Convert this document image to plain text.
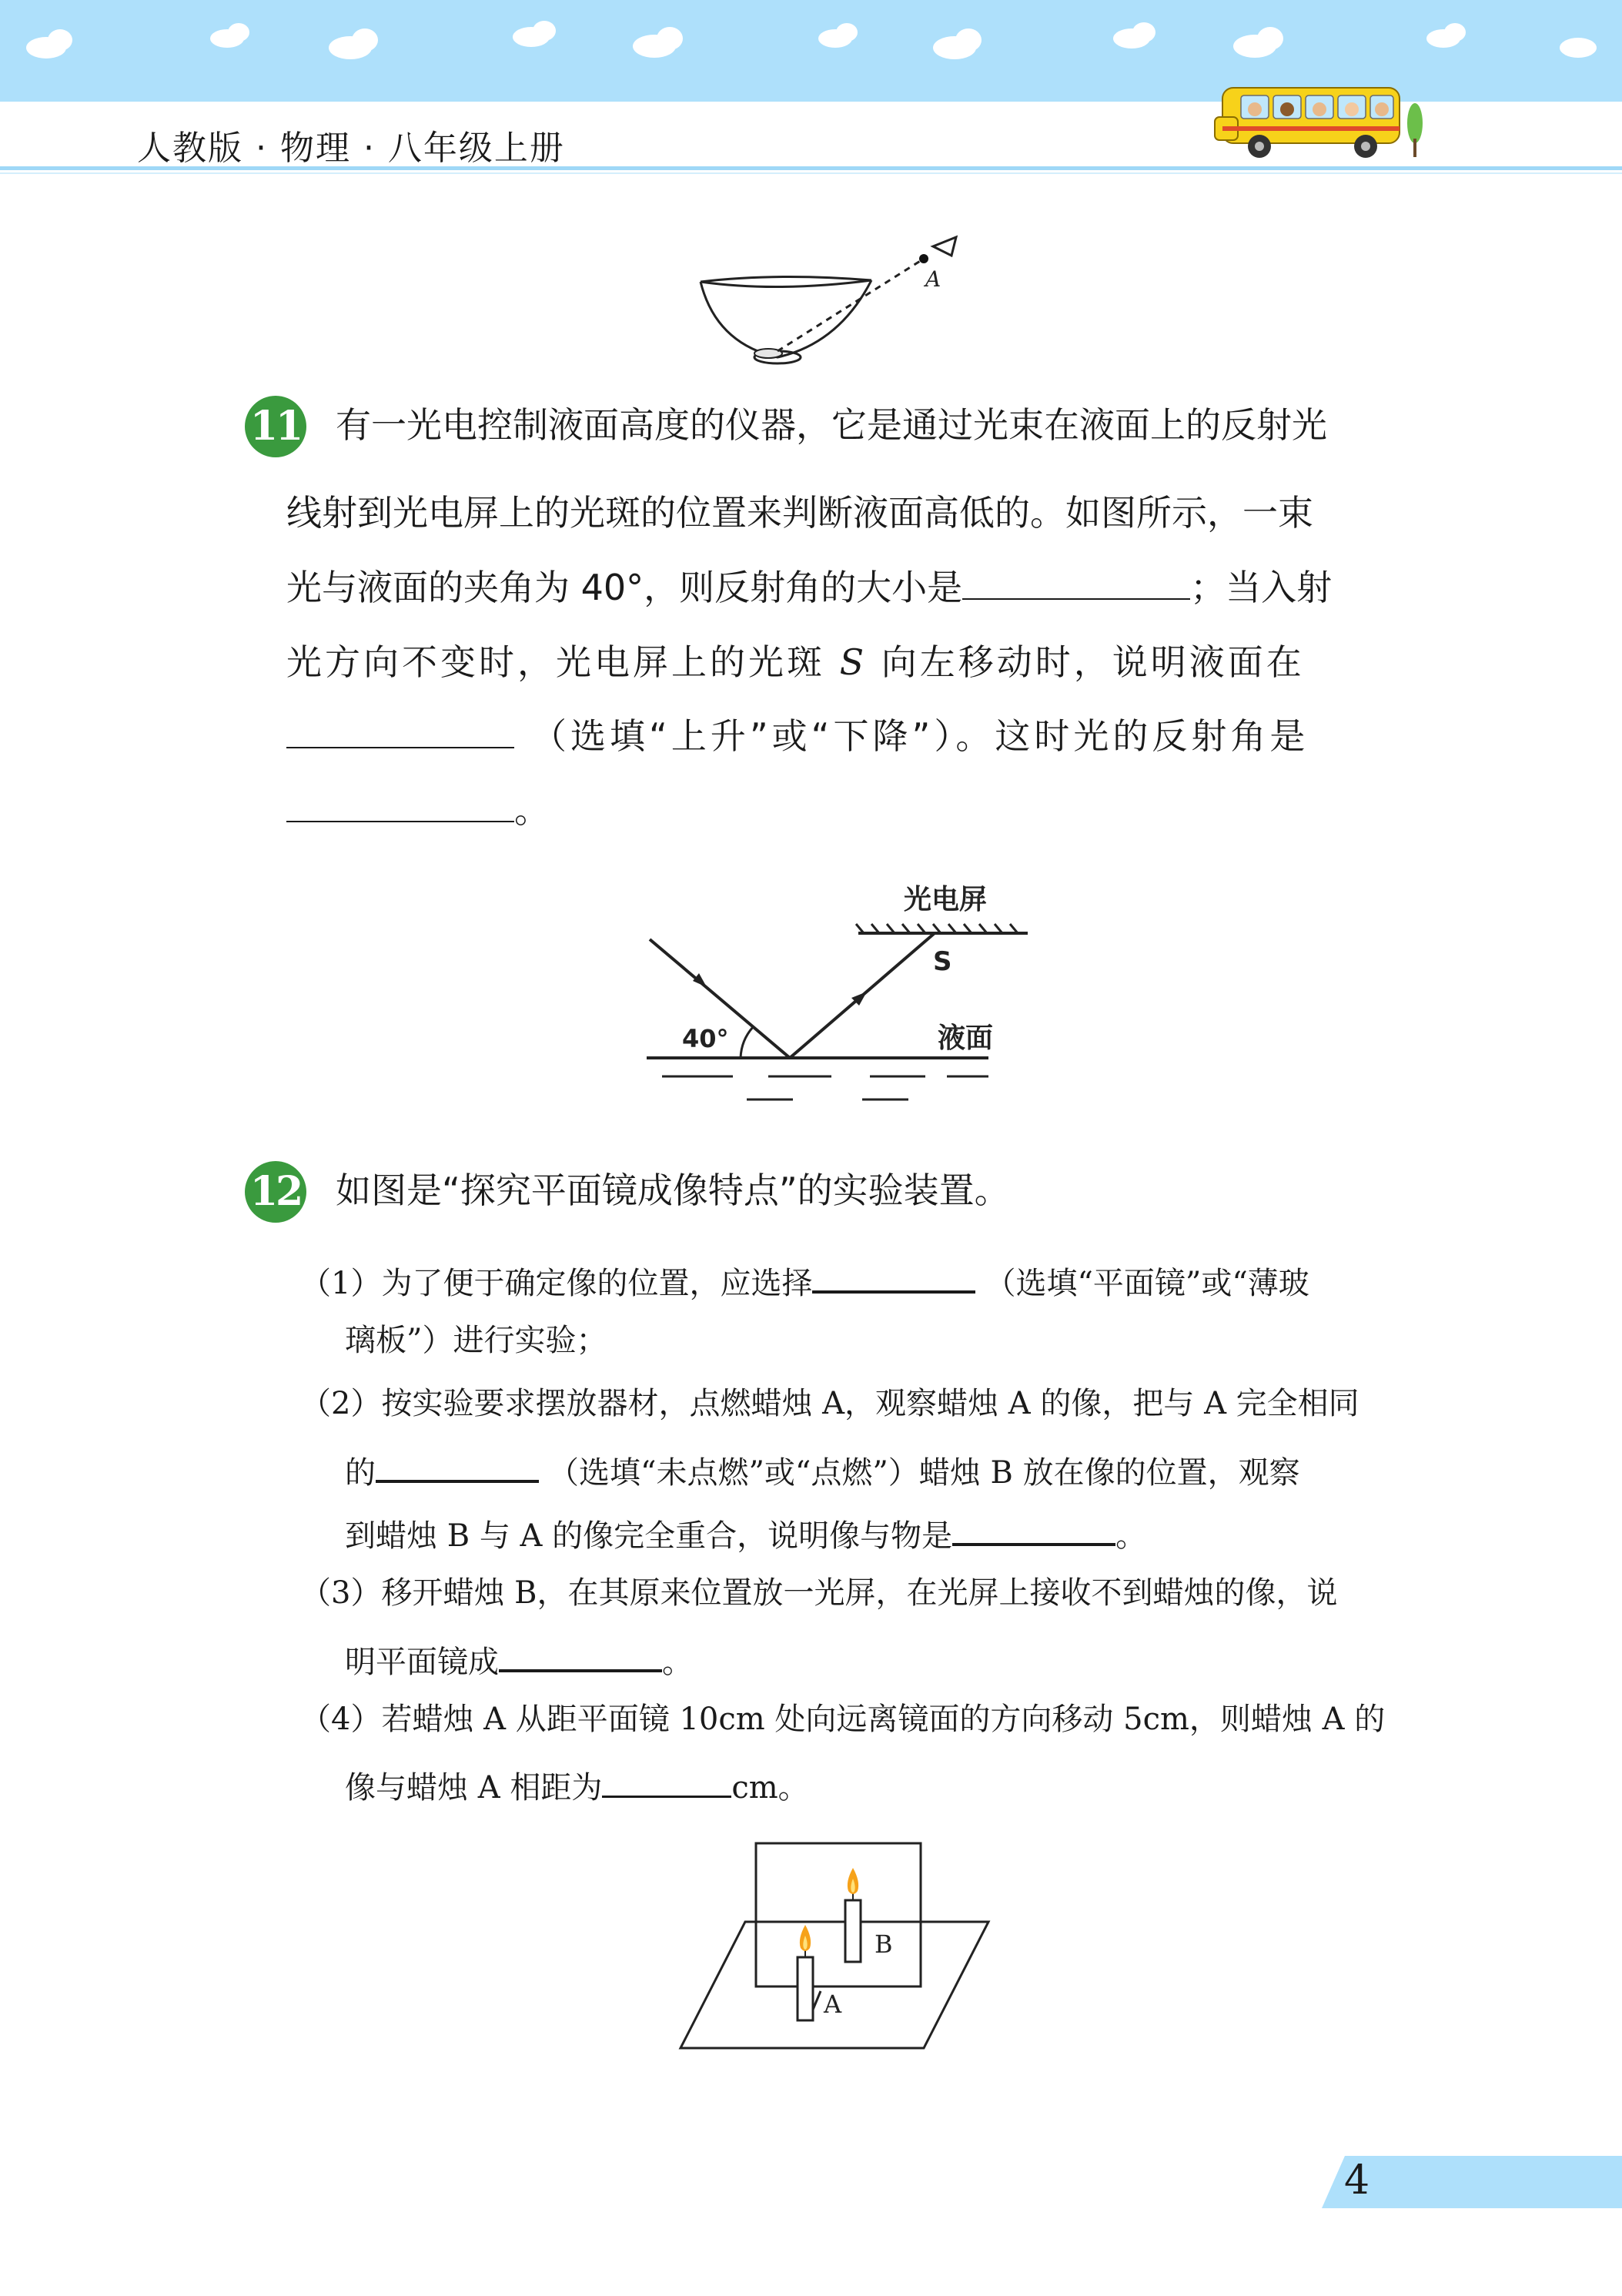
人教版 · 物理 · 八年级上册
A
11 有一光电控制液面高度的仪器，它是通过光束在液面上的反射光
线射到光电屏上的光斑的位置来判断液面高低的。如图所示，一束
光与液面的夹角为 40°，则反射角的大小是	；当入射
光方向不变时，光电屏上的光斑 S 向左移动时，说明液面在
（选填“上升”或“下降”）。这时光的反射角是
。
光电屏
S
40°	液面
12 如图是“探究平面镜成像特点”的实验装置。
（1）为了便于确定像的位置，应选择	（选填“平面镜”或“薄玻
璃板”）进行实验；
（2）按实验要求摆放器材，点燃蜡烛 A，观察蜡烛 A 的像，把与 A 完全相同
的	（选填“未点燃”或“点燃”）蜡烛 B 放在像的位置，观察
到蜡烛 B 与 A 的像完全重合，说明像与物是	。
（3）移开蜡烛 B，在其原来位置放一光屏，在光屏上接收不到蜡烛的像，说
明平面镜成	。
（4）若蜡烛 A 从距平面镜 10cm 处向远离镜面的方向移动 5cm，则蜡烛 A 的
像与蜡烛 A 相距为	cm。
B
A
4
